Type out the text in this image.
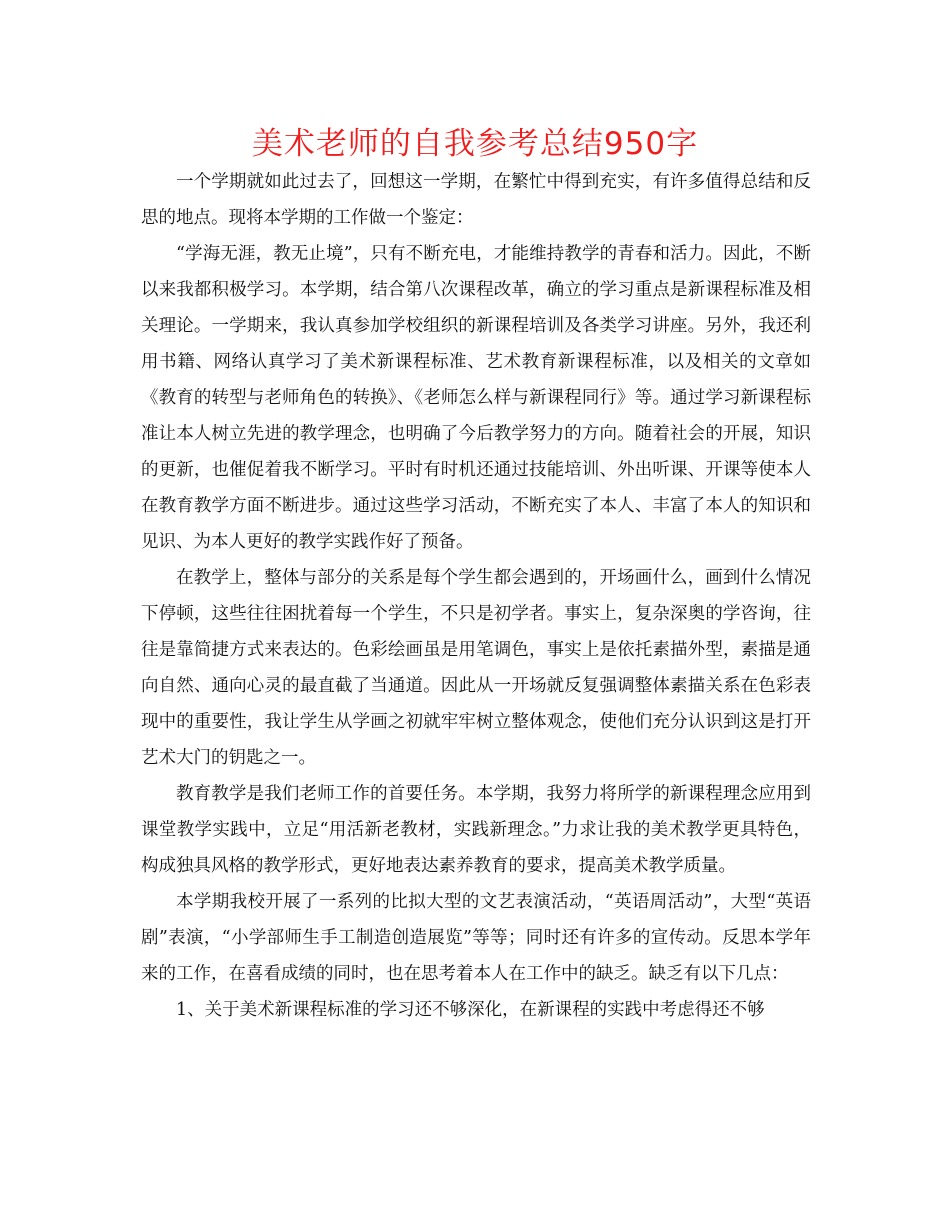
美术老师的自我参考总结950字

一个学期就如此过去了，回想这一学期，在繁忙中得到充实，有许多值得总结和反思的地点。现将本学期的工作做一个鉴定：

“学海无涯，教无止境”，只有不断充电，才能维持教学的青春和活力。因此，不断以来我都积极学习。本学期，结合第八次课程改革，确立的学习重点是新课程标准及相关理论。一学期来，我认真参加学校组织的新课程培训及各类学习讲座。另外，我还利用书籍、网络认真学习了美术新课程标准、艺术教育新课程标准，以及相关的文章如《教育的转型与老师角色的转换》、《老师怎么样与新课程同行》等。通过学习新课程标准让本人树立先进的教学理念，也明确了今后教学努力的方向。随着社会的开展，知识的更新，也催促着我不断学习。平时有时机还通过技能培训、外出听课、开课等使本人在教育教学方面不断进步。通过这些学习活动，不断充实了本人、丰富了本人的知识和见识、为本人更好的教学实践作好了预备。

在教学上，整体与部分的关系是每个学生都会遇到的，开场画什么，画到什么情况下停顿，这些往往困扰着每一个学生，不只是初学者。事实上，复杂深奥的学咨询，往往是靠简捷方式来表达的。色彩绘画虽是用笔调色，事实上是依托素描外型，素描是通向自然、通向心灵的最直截了当通道。因此从一开场就反复强调整体素描关系在色彩表现中的重要性，我让学生从学画之初就牢牢树立整体观念，使他们充分认识到这是打开艺术大门的钥匙之一。

教育教学是我们老师工作的首要任务。本学期，我努力将所学的新课程理念应用到课堂教学实践中，立足“用活新老教材，实践新理念。”力求让我的美术教学更具特色，构成独具风格的教学形式，更好地表达素养教育的要求，提高美术教学质量。

本学期我校开展了一系列的比拟大型的文艺表演活动，“英语周活动”，大型“英语剧”表演，“小学部师生手工制造创造展览”等等；同时还有许多的宣传动。反思本学年来的工作，在喜看成绩的同时，也在思考着本人在工作中的缺乏。缺乏有以下几点：

1、关于美术新课程标准的学习还不够深化，在新课程的实践中考虑得还不够
